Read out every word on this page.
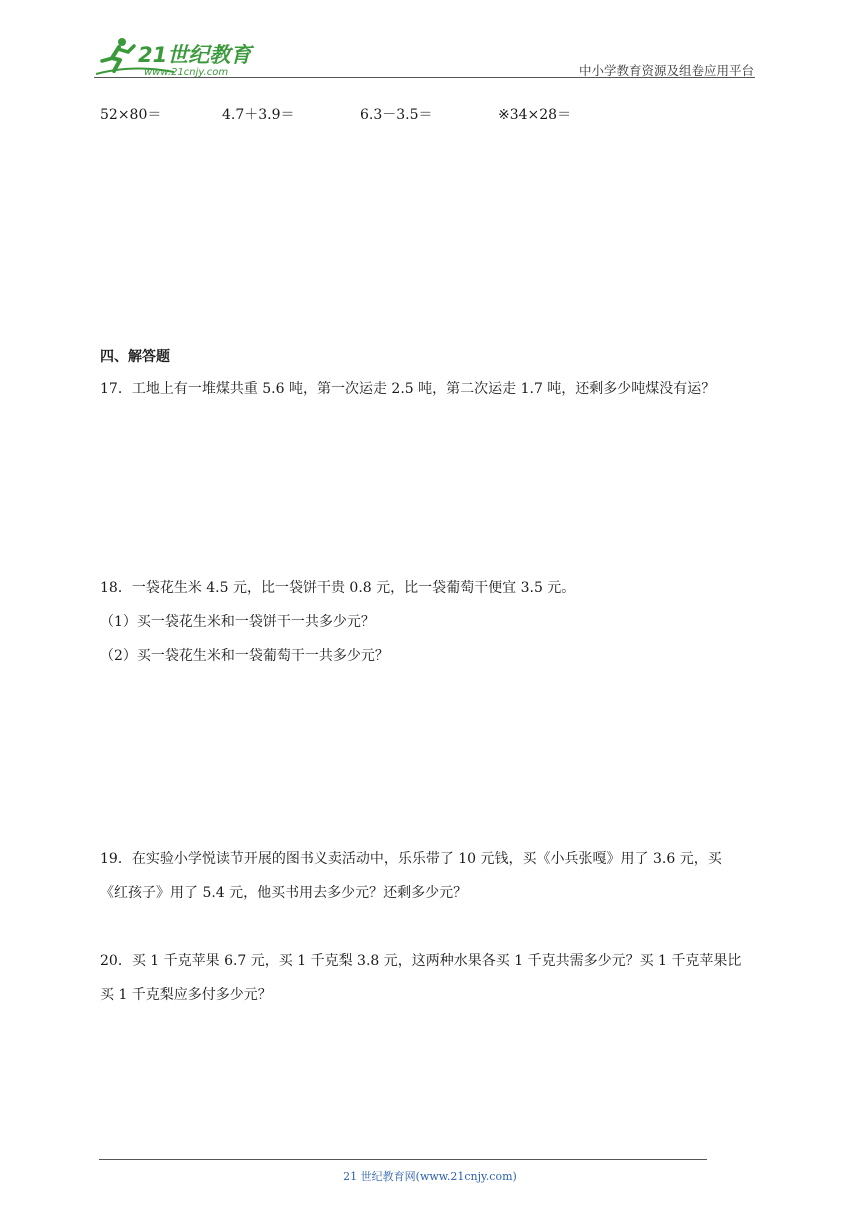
21世纪教育
www.21cnjy.com	中小学教育资源及组卷应用平台
52×80＝	4.7＋3.9＝	6.3－3.5＝	※34×28＝
四、解答题
17．工地上有一堆煤共重 5.6 吨，第一次运走 2.5 吨，第二次运走 1.7 吨，还剩多少吨煤没有运？
18．一袋花生米 4.5 元，比一袋饼干贵 0.8 元，比一袋葡萄干便宜 3.5 元。
（1）买一袋花生米和一袋饼干一共多少元？
（2）买一袋花生米和一袋葡萄干一共多少元？
19．在实验小学悦读节开展的图书义卖活动中，乐乐带了 10 元钱，买《小兵张嘎》用了 3.6 元，买
《红孩子》用了 5.4 元，他买书用去多少元？还剩多少元？
20．买 1 千克苹果 6.7 元，买 1 千克梨 3.8 元，这两种水果各买 1 千克共需多少元？买 1 千克苹果比
买 1 千克梨应多付多少元？
21 世纪教育网(www.21cnjy.com)
